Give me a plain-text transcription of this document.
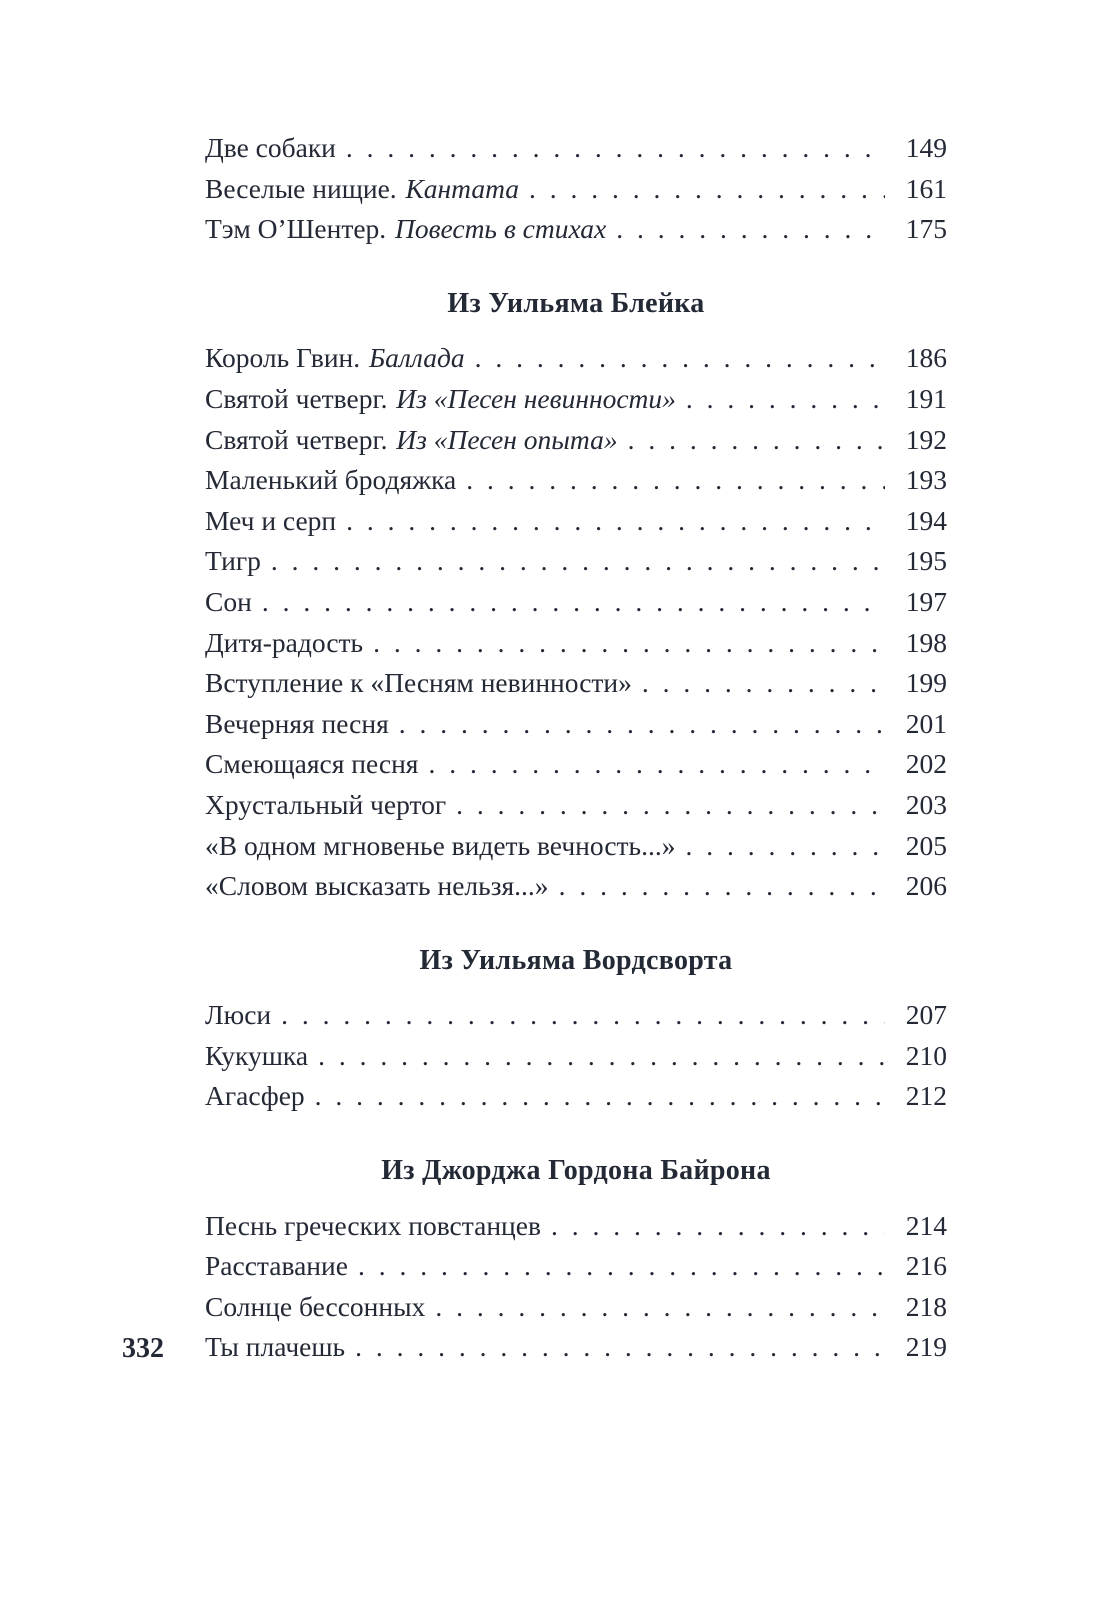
332
Две собаки . . .	149
Веселые нищие. Кантата . . .	161
Тэм О’Шентер. Повесть в стихах . . .	175
Из Уильяма Блейка
Король Гвин. Баллада . . .	186
Святой четверг. Из «Песен невинности» . . .	191
Святой четверг. Из «Песен опыта» . . .	192
Маленький бродяжка . . .	193
Меч и серп . . .	194
Тигр . . .	195
Сон . . .	197
Дитя-радость . . .	198
Вступление к «Песням невинности» . . .	199
Вечерняя песня . . .	201
Смеющаяся песня . . .	202
Хрустальный чертог . . .	203
«В одном мгновенье видеть вечность...» . . .	205
«Словом высказать нельзя...» . . .	206
Из Уильяма Вордсворта
Люси . . .	207
Кукушка . . .	210
Агасфер . . .	212
Из Джорджа Гордона Байрона
Песнь греческих повстанцев . . .	214
Расставание . . .	216
Солнце бессонных . . .	218
Ты плачешь . . .	219
